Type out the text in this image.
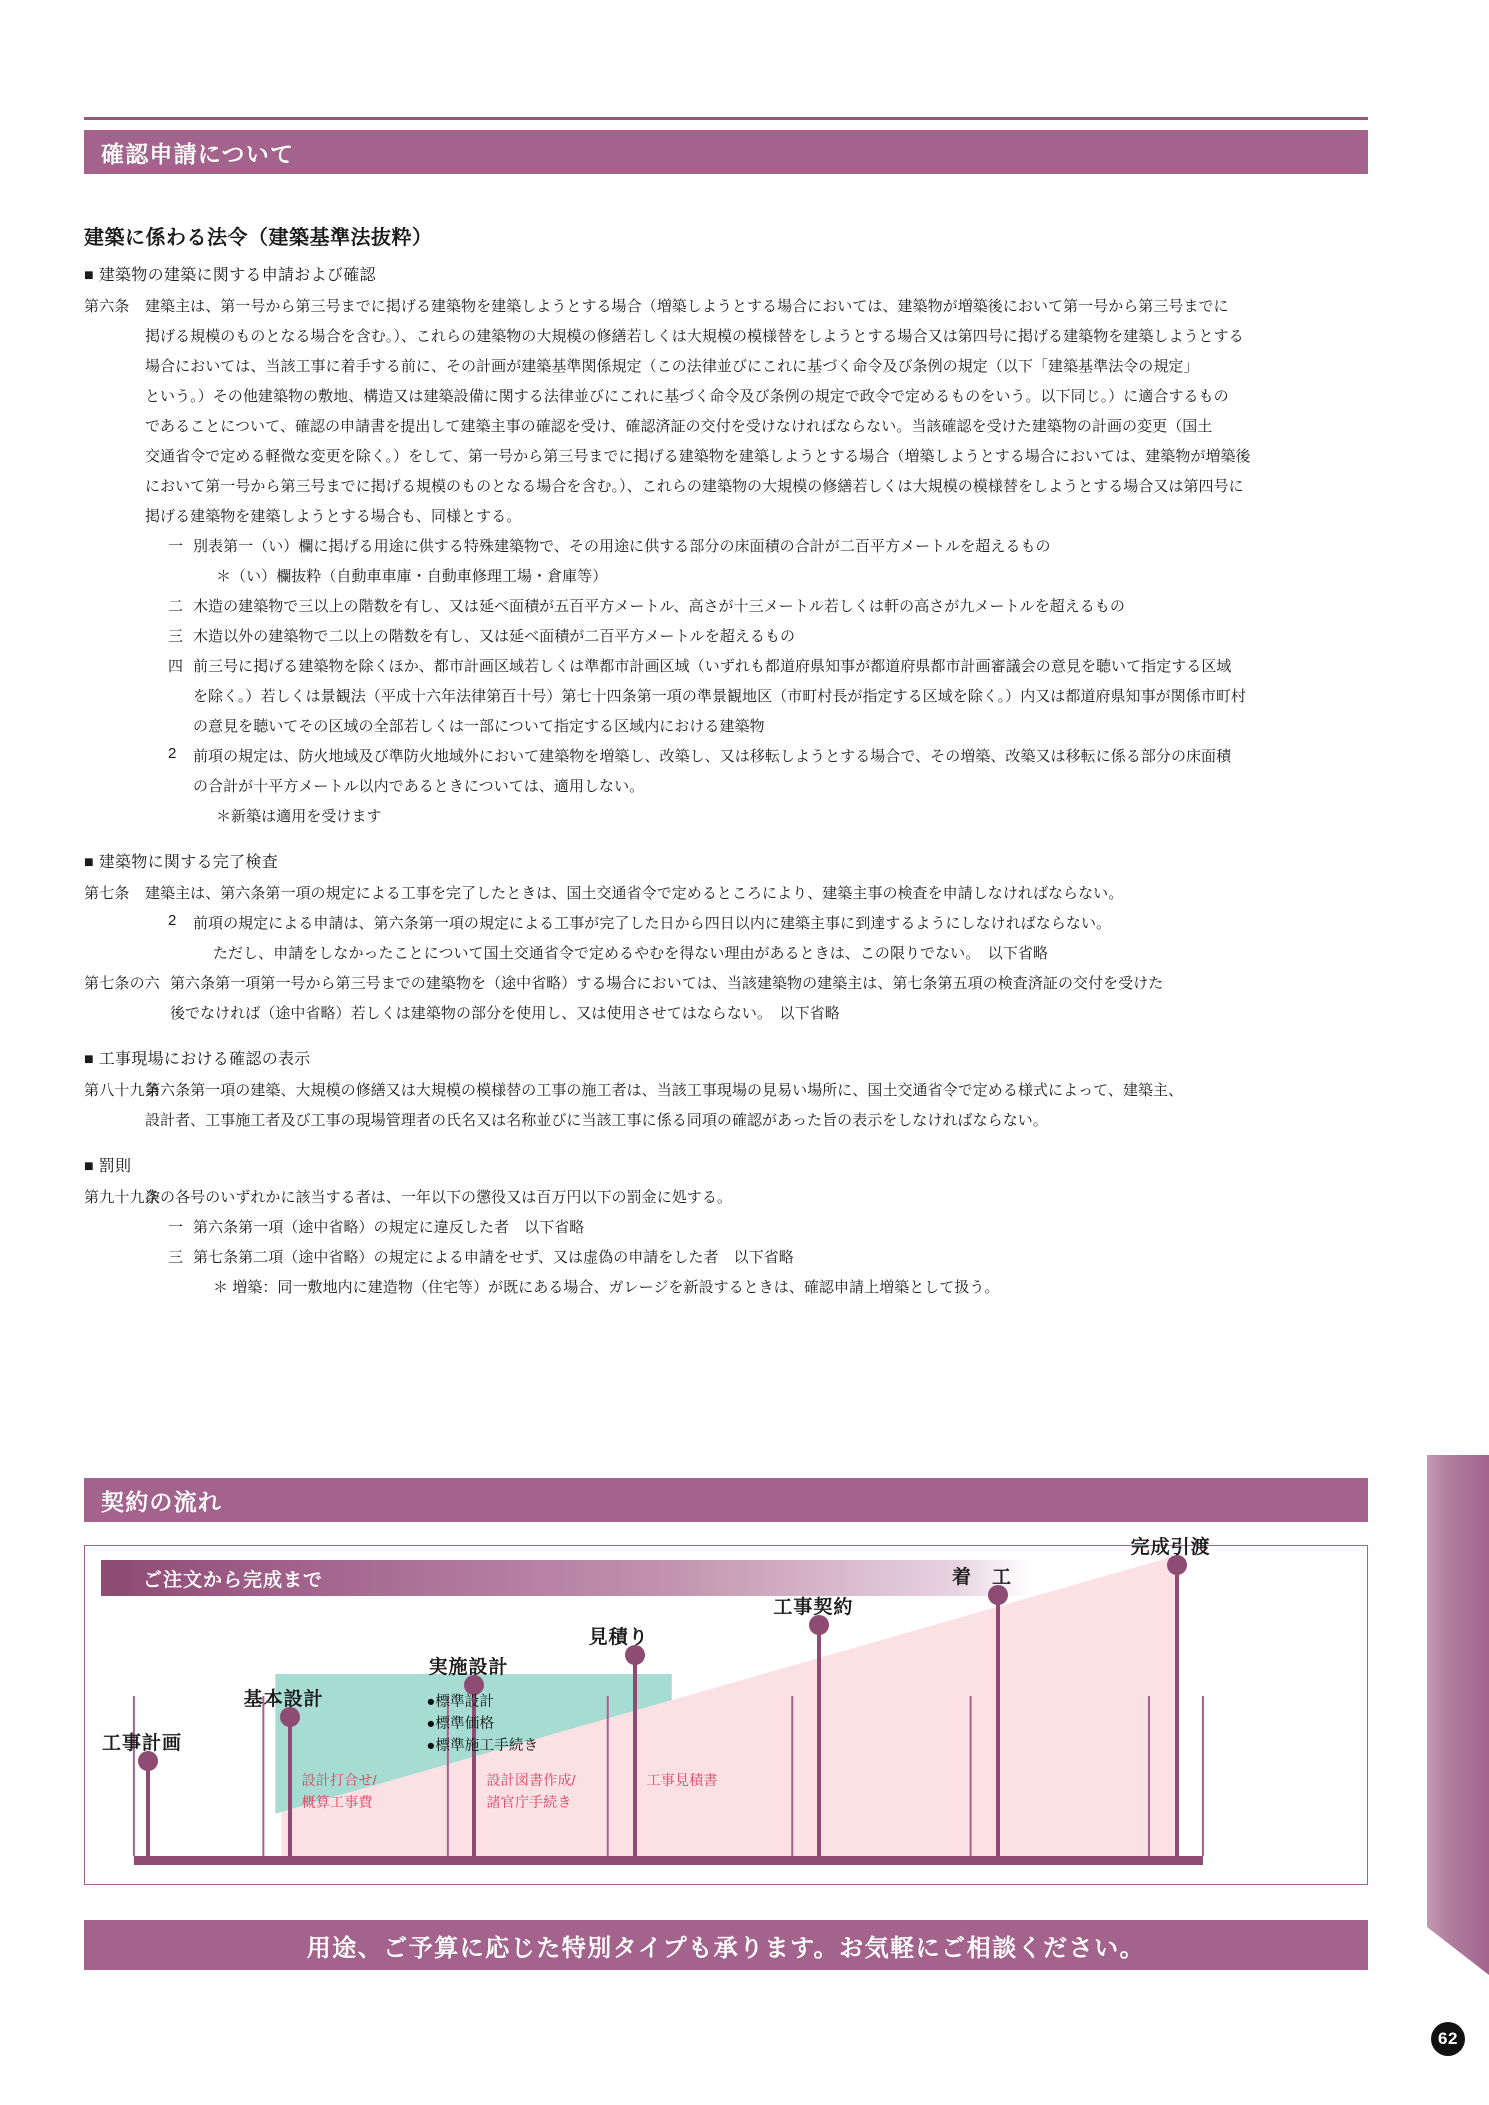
確認申請について
建築に係わる法令（建築基準法抜粋）
■ 建築物の建築に関する申請および確認
第六条 建築主は、第一号から第三号までに掲げる建築物を建築しようとする場合（増築しようとする場合においては、建築物が増築後において第一号から第三号までに
掲げる規模のものとなる場合を含む。）、これらの建築物の大規模の修繕若しくは大規模の模様替をしようとする場合又は第四号に掲げる建築物を建築しようとする
場合においては、当該工事に着手する前に、その計画が建築基準関係規定（この法律並びにこれに基づく命令及び条例の規定（以下「建築基準法令の規定」
という。）その他建築物の敷地、構造又は建築設備に関する法律並びにこれに基づく命令及び条例の規定で政令で定めるものをいう。以下同じ。）に適合するもの
であることについて、確認の申請書を提出して建築主事の確認を受け、確認済証の交付を受けなければならない。当該確認を受けた建築物の計画の変更（国土
交通省令で定める軽微な変更を除く。）をして、第一号から第三号までに掲げる建築物を建築しようとする場合（増築しようとする場合においては、建築物が増築後
において第一号から第三号までに掲げる規模のものとなる場合を含む。）、これらの建築物の大規模の修繕若しくは大規模の模様替をしようとする場合又は第四号に
掲げる建築物を建築しようとする場合も、同様とする。
一 別表第一（い）欄に掲げる用途に供する特殊建築物で、その用途に供する部分の床面積の合計が二百平方メートルを超えるもの
＊（い）欄抜粋（自動車車庫・自動車修理工場・倉庫等）
二 木造の建築物で三以上の階数を有し、又は延べ面積が五百平方メートル、高さが十三メートル若しくは軒の高さが九メートルを超えるもの
三 木造以外の建築物で二以上の階数を有し、又は延べ面積が二百平方メートルを超えるもの
四 前三号に掲げる建築物を除くほか、都市計画区域若しくは準都市計画区域（いずれも都道府県知事が都道府県都市計画審議会の意見を聴いて指定する区域
を除く。）若しくは景観法（平成十六年法律第百十号）第七十四条第一項の準景観地区（市町村長が指定する区域を除く。）内又は都道府県知事が関係市町村
の意見を聴いてその区域の全部若しくは一部について指定する区域内における建築物
2 前項の規定は、防火地域及び準防火地域外において建築物を増築し、改築し、又は移転しようとする場合で、その増築、改築又は移転に係る部分の床面積
の合計が十平方メートル以内であるときについては、適用しない。
＊新築は適用を受けます
■ 建築物に関する完了検査
第七条 建築主は、第六条第一項の規定による工事を完了したときは、国土交通省令で定めるところにより、建築主事の検査を申請しなければならない。
2 前項の規定による申請は、第六条第一項の規定による工事が完了した日から四日以内に建築主事に到達するようにしなければならない。
ただし、申請をしなかったことについて国土交通省令で定めるやむを得ない理由があるときは、この限りでない。　以下省略
第七条の六 第六条第一項第一号から第三号までの建築物を（途中省略）する場合においては、当該建築物の建築主は、第七条第五項の検査済証の交付を受けた
後でなければ（途中省略）若しくは建築物の部分を使用し、又は使用させてはならない。　以下省略
■ 工事現場における確認の表示
第八十九条
第六条第一項の建築、大規模の修繕又は大規模の模様替の工事の施工者は、当該工事現場の見易い場所に、国土交通省令で定める様式によって、建築主、
設計者、工事施工者及び工事の現場管理者の氏名又は名称並びに当該工事に係る同項の確認があった旨の表示をしなければならない。
■ 罰則
第九十九条
次の各号のいずれかに該当する者は、一年以下の懲役又は百万円以下の罰金に処する。
一 第六条第一項（途中省略）の規定に違反した者　以下省略
三 第七条第二項（途中省略）の規定による申請をせず、又は虚偽の申請をした者　以下省略
＊ 増築：同一敷地内に建造物（住宅等）が既にある場合、ガレージを新設するときは、確認申請上増築として扱う。
契約の流れ
ご注文から完成まで
工事計画
基本設計
設計打合せ/
概算工事費
実施設計
設計図書作成/
諸官庁手続き
見積り
工事見積書
工事契約
着　工
完成引渡
●標準設計
●標準価格
●標準施工手続き
用途、ご予算に応じた特別タイプも承ります。お気軽にご相談ください。
STEEL HOUSE
62
